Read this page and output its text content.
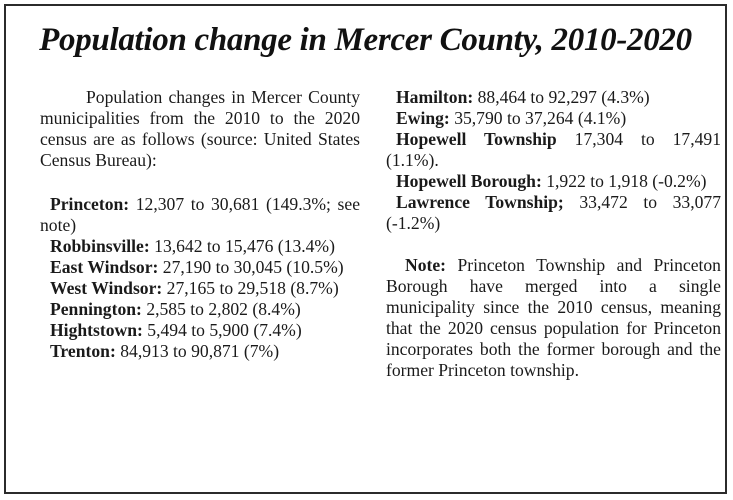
Population change in Mercer County, 2010-2020

Population changes in Mercer County municipalities from the 2010 to the 2020 census are as follows (source: United States Census Bureau):

Princeton: 12,307 to 30,681 (149.3%; see note)

Robbinsville: 13,642 to 15,476 (13.4%)

East Windsor: 27,190 to 30,045 (10.5%)

West Windsor: 27,165 to 29,518 (8.7%)

Pennington: 2,585 to 2,802 (8.4%)

Hightstown: 5,494 to 5,900 (7.4%)

Trenton: 84,913 to 90,871 (7%)

Hamilton: 88,464 to 92,297 (4.3%)

Ewing: 35,790 to 37,264 (4.1%)

Hopewell Township 17,304 to 17,491 (1.1%).

Hopewell Borough: 1,922 to 1,918 (-0.2%)

Lawrence Township; 33,472 to 33,077 (-1.2%)

Note: Princeton Township and Princeton Borough have merged into a single municipality since the 2010 census, meaning that the 2020 census population for Princeton incorporates both the former borough and the former Princeton township.
